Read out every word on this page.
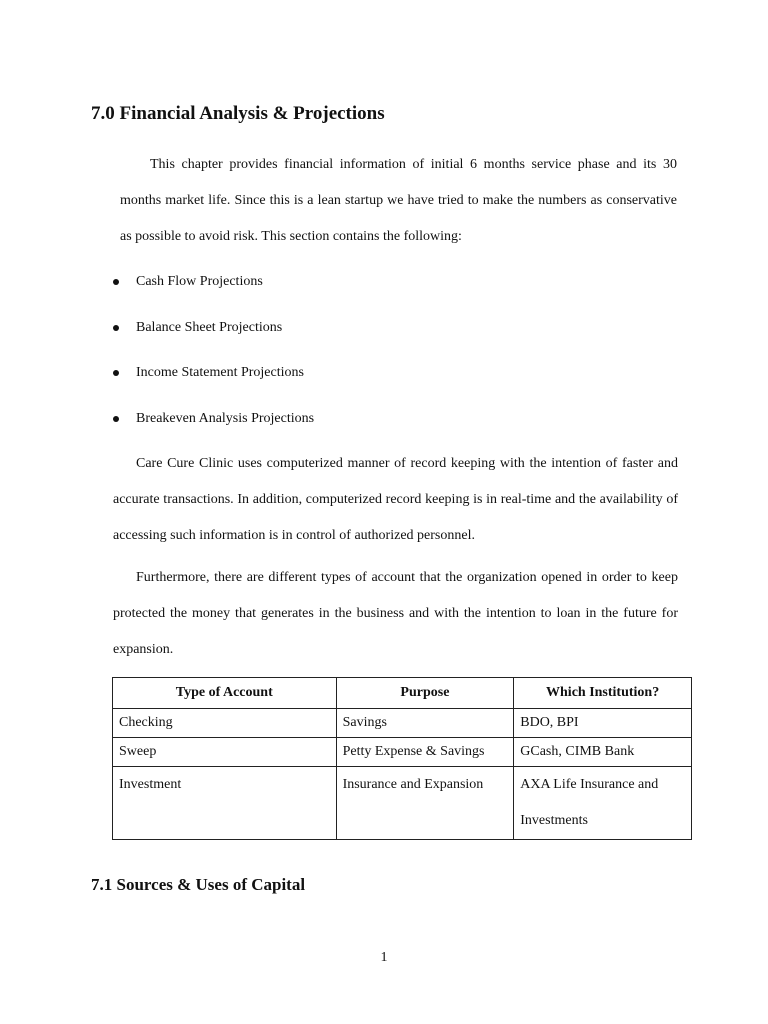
7.0 Financial Analysis & Projections

This chapter provides financial information of initial 6 months service phase and its 30 months market life. Since this is a lean startup we have tried to make the numbers as conservative as possible to avoid risk. This section contains the following:

Cash Flow Projections
Balance Sheet Projections
Income Statement Projections
Breakeven Analysis Projections

Care Cure Clinic uses computerized manner of record keeping with the intention of faster and accurate transactions. In addition, computerized record keeping is in real-time and the availability of accessing such information is in control of authorized personnel.

Furthermore, there are different types of account that the organization opened in order to keep protected the money that generates in the business and with the intention to loan in the future for expansion.

Type of Account	Purpose	Which Institution?
Checking	Savings	BDO, BPI
Sweep	Petty Expense & Savings	GCash, CIMB Bank
Investment	Insurance and Expansion	AXA Life Insurance and Investments
7.1 Sources & Uses of Capital
1
